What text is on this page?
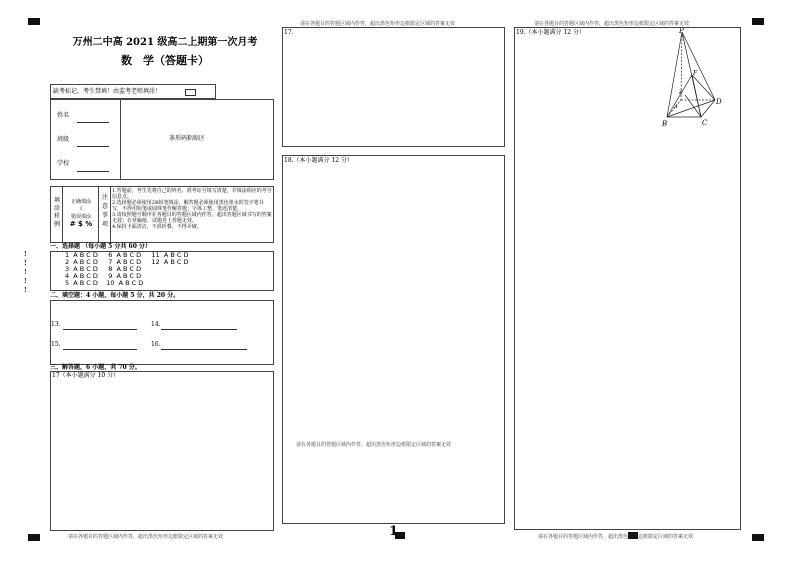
万州二中高 2021 级高二上期第一次月考
数　学（答题卡）
缺考标记，考生禁填！由监考老师填涂！
姓名
班级
学校
条形码粘贴区
填涂样例
正确填涂
l
错误填涂
# $ %
注意事项
1.答题前，考生先将自己的姓名、准考证号填写清楚，并填涂相应的考号信息点。
2.选择题必须使用2B铅笔填涂，解答题必须使用黑色墨水的签字笔书写，不得用铅笔或圆珠笔作解答题；字体工整、笔迹清楚。
3.请按照题号顺序在各题目的答题区域内作答，超出答题区域书写的答案无效；在草稿纸、试题卷上答题无效。
4.保持卡面清洁，不准折叠、不得弄破。
!
!
!
!
!
一、选择题 （每小题 5 分共 60 分）
1  A B C D     6  A B C D     11  A B C D
2  A B C D     7  A B C D     12  A B C D
3  A B C D     8  A B C D
4  A B C D     9  A B C D
5  A B C D    10  A B C D
二、填空题：4 小题，每小题 5 分，共 20 分。
13.	14.
15.	16.
三、解答题，6 小题，共 70 分。
17（本小题满分 10 分）
请在各题目的答题区域内作答，超出黑色矩形边框限定区域的答案无效
请在各题目的答题区域内作答，超出黑色矩形边框限定区域的答案无效
17.
18.（本小题满分 12 分）
请在各题目的答题区域内作答，超出黑色矩形边框限定区域的答案无效
1
请在各题目的答题区域内作答，超出黑色矩形边框限定区域的答案无效
19.（本小题满分 12 分）	P
B	C
D
F
E
A
请在各题目的答题区域内作答，超出黑色矩形边框限定区域的答案无效
